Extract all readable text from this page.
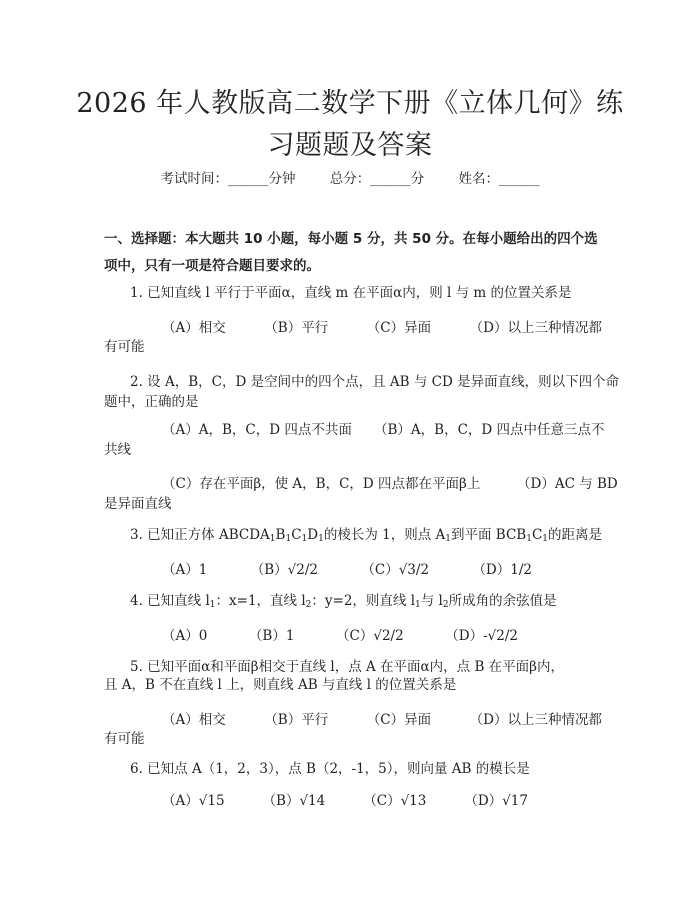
2026 年人教版高二数学下册《立体几何》练
习题题及答案
考试时间：______分钟	总分：______分	姓名：______
一、选择题：本大题共 10 小题，每小题 5 分，共 50 分。在每小题给出的四个选项中，只有一项是符合题目要求的。
1. 已知直线 l 平行于平面α，直线 m 在平面α内，则 l 与 m 的位置关系是
（A）相交	（B）平行	（C）异面	（D）以上三种情况都
有可能
2. 设 A，B，C，D 是空间中的四个点，且 AB 与 CD 是异面直线，则以下四个命
题中，正确的是
（A）A，B，C，D 四点不共面 （B）A，B，C，D 四点中任意三点不
共线
（C）存在平面β，使 A，B，C，D 四点都在平面β上	（D）AC 与 BD
是异面直线
3. 已知正方体 $ABCDA_1B_1C_1D_1$的棱长为 1，则点 $A_1$到平面 $BCB_1C_1$的距离是
（A）1	（B）√2/2	（C）√3/2	（D）1/2
4. 已知直线 $l_1$：x=1，直线 $l_2$：y=2，则直线 $l_1$与 $l_2$所成角的余弦值是
（A）0	（B）1	（C）√2/2	（D）-√2/2
5. 已知平面α和平面β相交于直线 l，点 A 在平面α内，点 B 在平面β内，
且 A，B 不在直线 l 上，则直线 AB 与直线 l 的位置关系是
（A）相交	（B）平行	（C）异面	（D）以上三种情况都
有可能
6. 已知点 A（1，2，3），点 B（2，-1，5），则向量 AB 的模长是
（A）√15	（B）√14	（C）√13	（D）√17
